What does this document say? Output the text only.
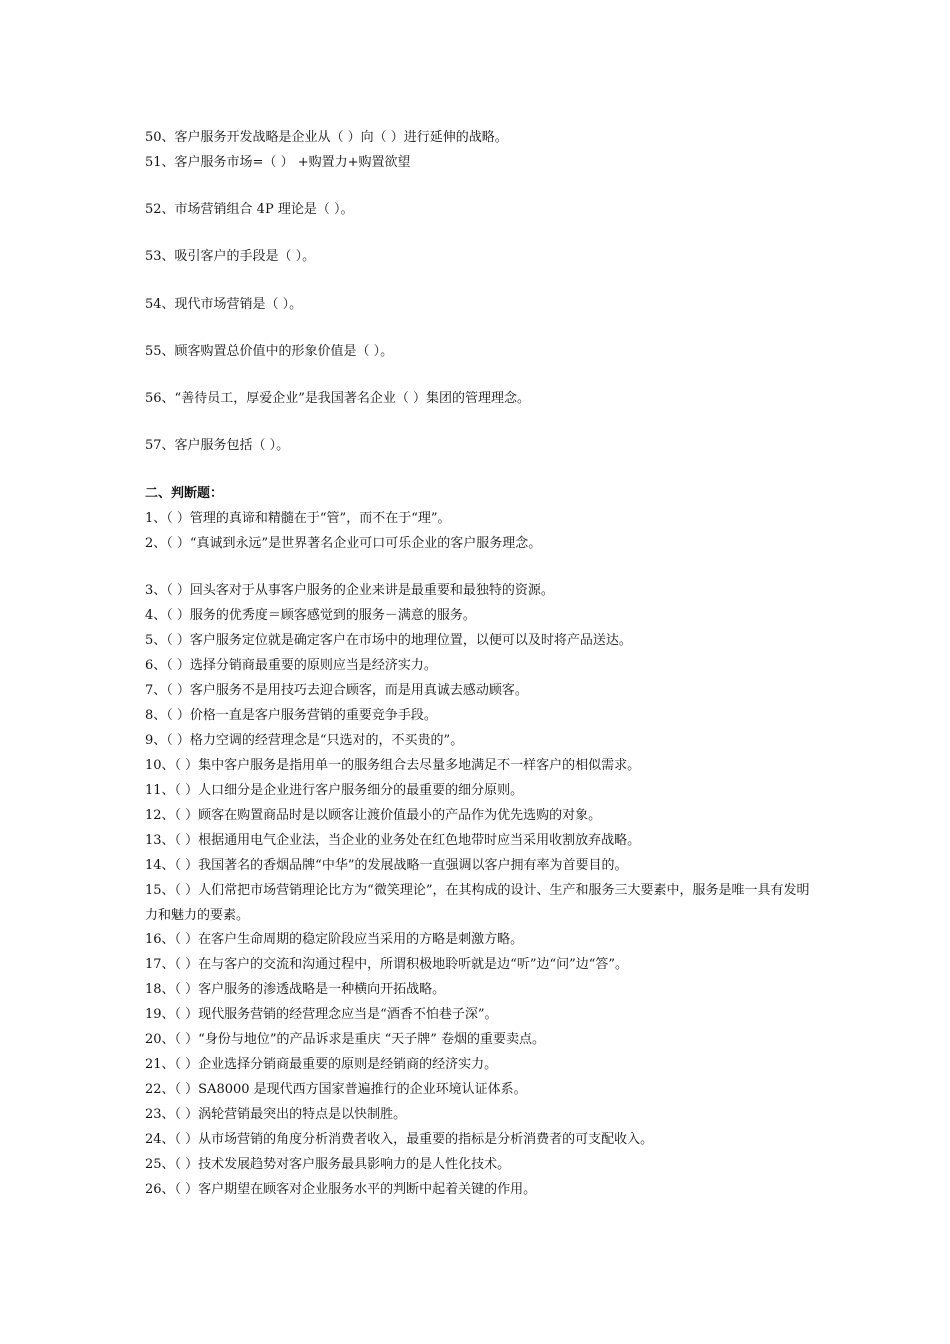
50、客户服务开发战略是企业从（ ）向（ ）进行延伸的战略。
51、客户服务市场=（ ） +购置力+购置欲望
52、市场营销组合 4P 理论是（ ）。
53、吸引客户的手段是（ ）。
54、现代市场营销是（ ）。
55、顾客购置总价值中的形象价值是（ ）。
56、“善待员工，厚爱企业”是我国著名企业（ ）集团的管理理念。
57、客户服务包括（ ）。
二、判断题：
1、（ ）管理的真谛和精髓在于“管”，而不在于“理”。
2、（ ）“真诚到永远”是世界著名企业可口可乐企业的客户服务理念。
3、（ ）回头客对于从事客户服务的企业来讲是最重要和最独特的资源。
4、（ ）服务的优秀度＝顾客感觉到的服务－满意的服务。
5、（ ）客户服务定位就是确定客户在市场中的地理位置，以便可以及时将产品送达。
6、（ ）选择分销商最重要的原则应当是经济实力。
7、（ ）客户服务不是用技巧去迎合顾客，而是用真诚去感动顾客。
8、（ ）价格一直是客户服务营销的重要竞争手段。
9、（ ）格力空调的经营理念是“只选对的，不买贵的”。
10、（ ）集中客户服务是指用单一的服务组合去尽量多地满足不一样客户的相似需求。
11、（ ）人口细分是企业进行客户服务细分的最重要的细分原则。
12、（ ）顾客在购置商品时是以顾客让渡价值最小的产品作为优先选购的对象。
13、（ ）根据通用电气企业法，当企业的业务处在红色地带时应当采用收割放弃战略。
14、（ ）我国著名的香烟品牌“中华”的发展战略一直强调以客户拥有率为首要目的。
15、（ ）人们常把市场营销理论比方为“微笑理论”，在其构成的设计、生产和服务三大要素中，服务是唯一具有发明力和魅力的要素。
16、（ ）在客户生命周期的稳定阶段应当采用的方略是刺激方略。
17、（ ）在与客户的交流和沟通过程中，所谓积极地聆听就是边“听”边“问”边“答”。
18、（ ）客户服务的渗透战略是一种横向开拓战略。
19、（ ）现代服务营销的经营理念应当是“酒香不怕巷子深”。
20、（ ）“身份与地位”的产品诉求是重庆 “天子牌” 卷烟的重要卖点。
21、（ ）企业选择分销商最重要的原则是经销商的经济实力。
22、（ ）SA8000 是现代西方国家普遍推行的企业环境认证体系。
23、（ ）涡轮营销最突出的特点是以快制胜。
24、（ ）从市场营销的角度分析消费者收入，最重要的指标是分析消费者的可支配收入。
25、（ ）技术发展趋势对客户服务最具影响力的是人性化技术。
26、（ ）客户期望在顾客对企业服务水平的判断中起着关键的作用。
